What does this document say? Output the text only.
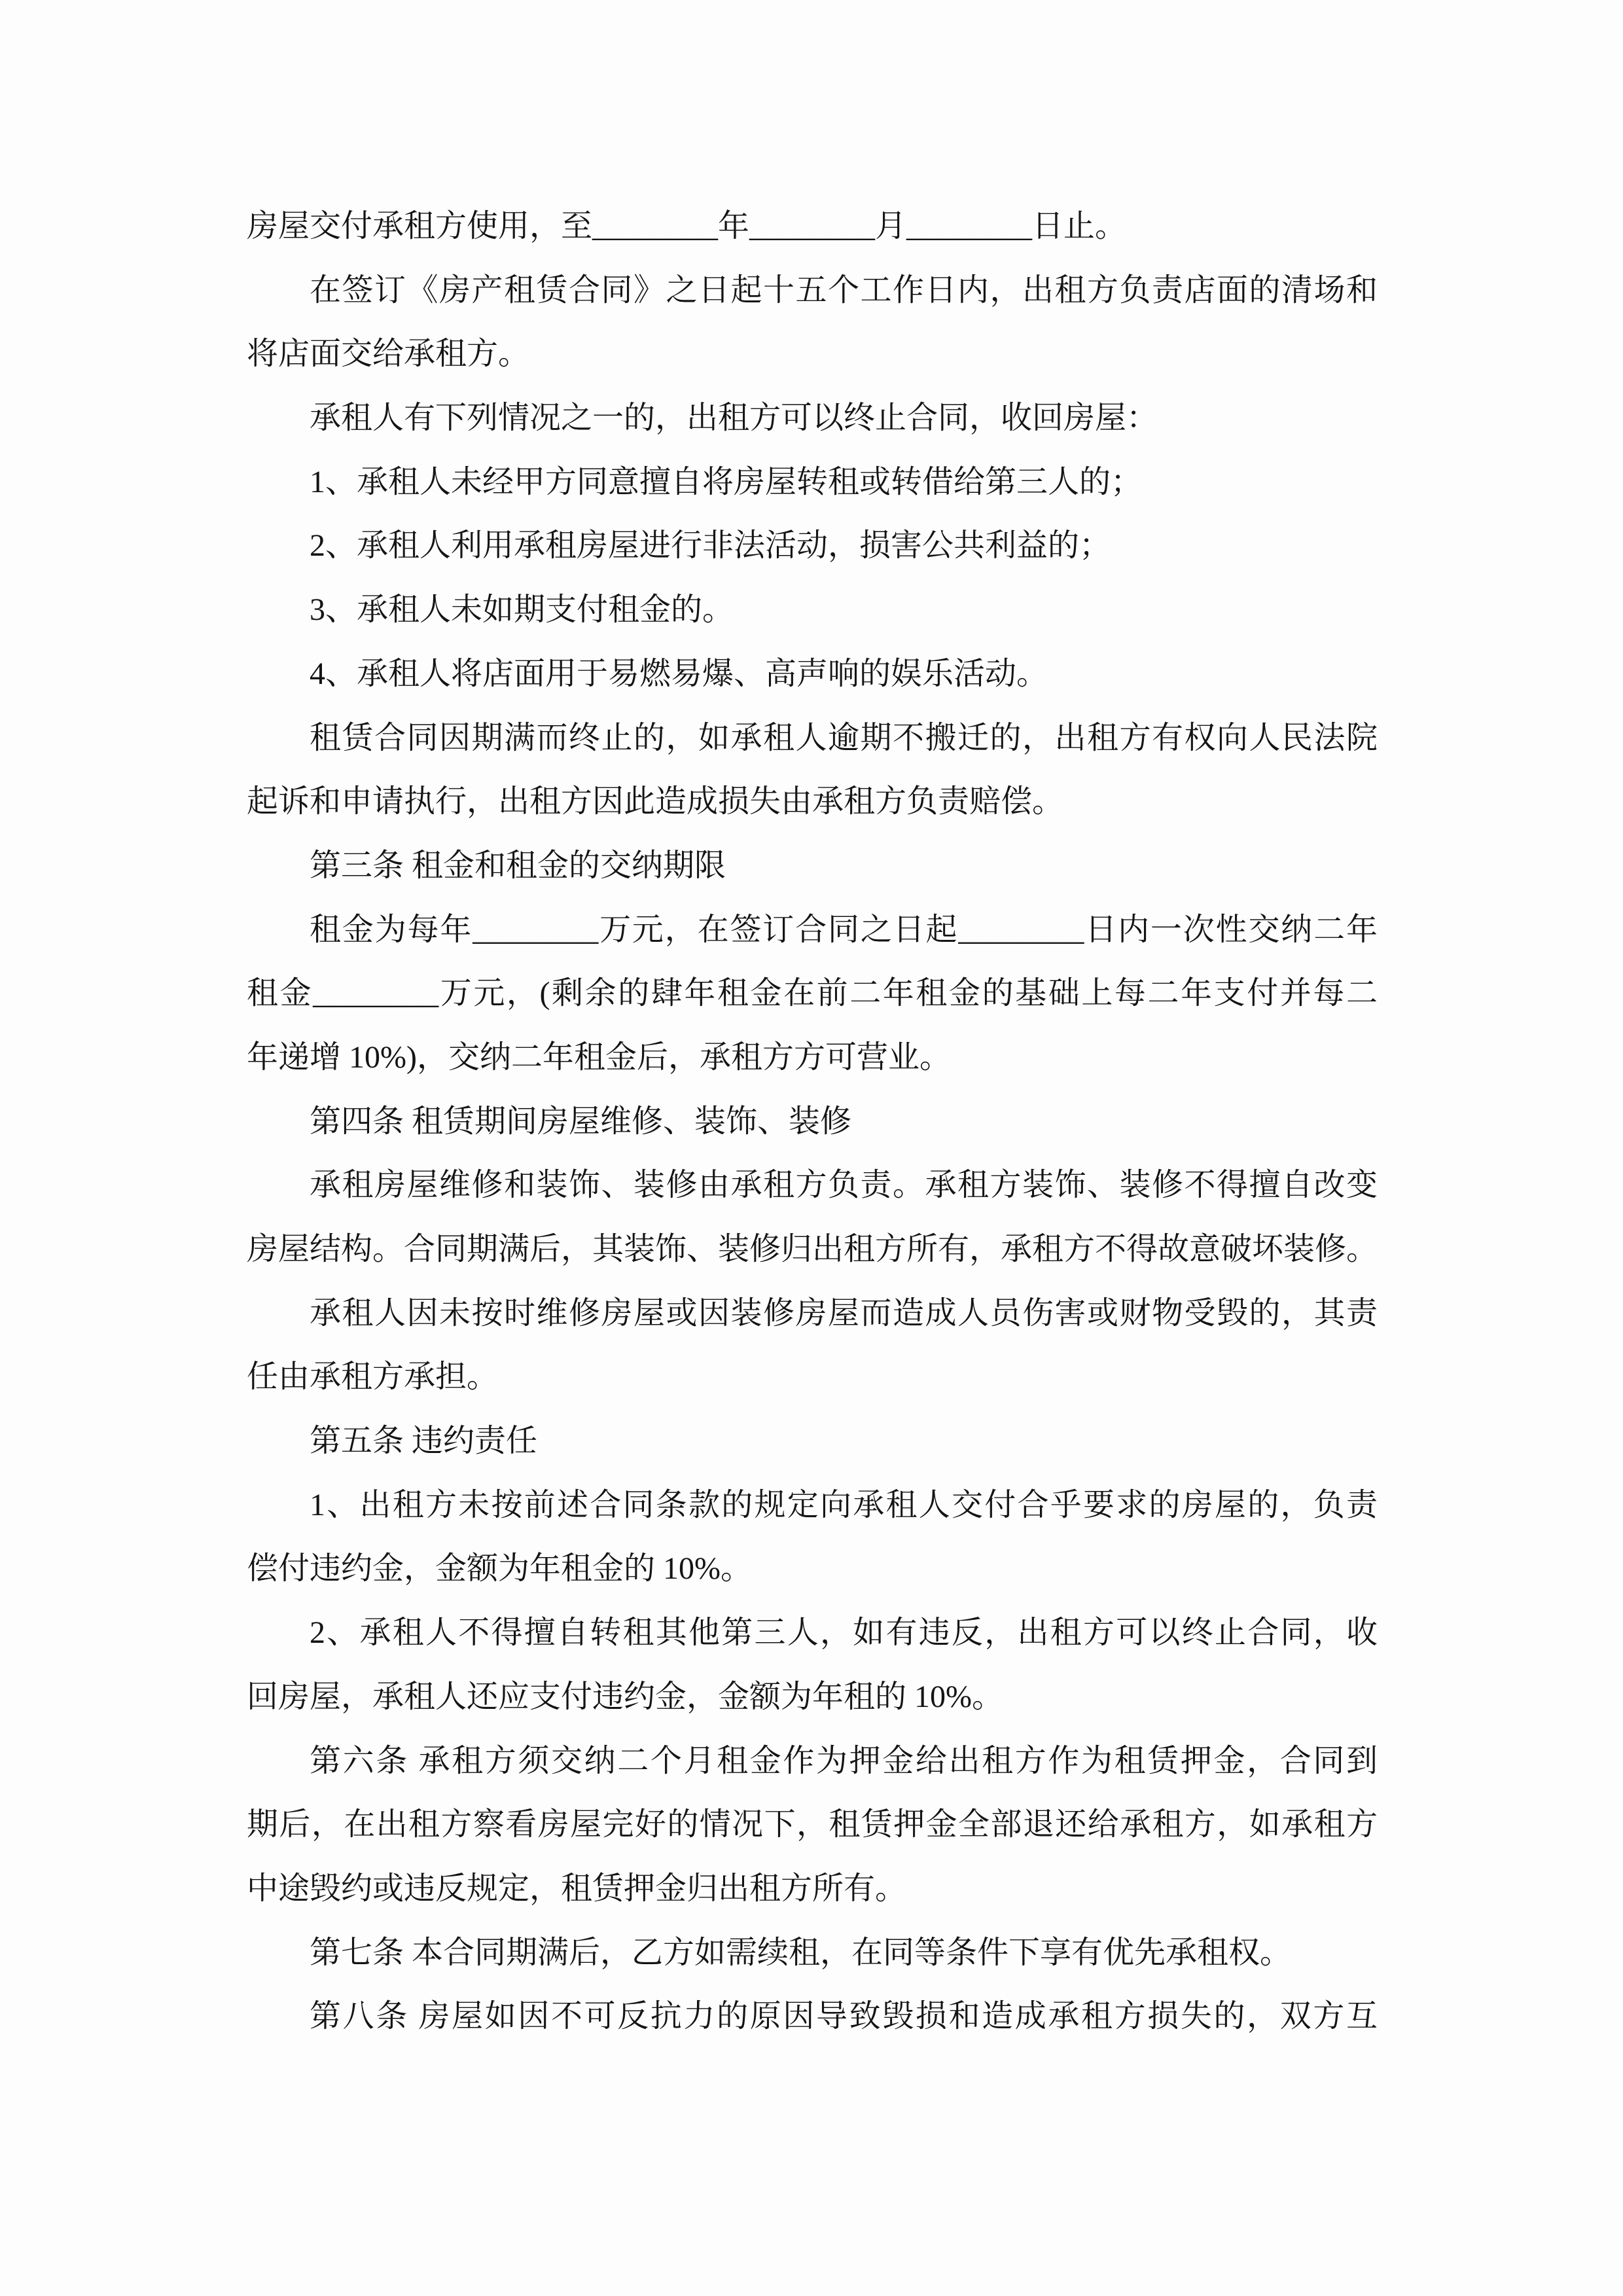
房屋交付承租方使用，至________年________月________日止。
在签订《房产租赁合同》之日起十五个工作日内，出租方负责店面的清场和
将店面交给承租方。
承租人有下列情况之一的，出租方可以终止合同，收回房屋：
1、承租人未经甲方同意擅自将房屋转租或转借给第三人的；
2、承租人利用承租房屋进行非法活动，损害公共利益的；
3、承租人未如期支付租金的。
4、承租人将店面用于易燃易爆、高声响的娱乐活动。
租赁合同因期满而终止的，如承租人逾期不搬迁的，出租方有权向人民法院
起诉和申请执行，出租方因此造成损失由承租方负责赔偿。
第三条 租金和租金的交纳期限
租金为每年________万元，在签订合同之日起________日内一次性交纳二年
租金________万元，(剩余的肆年租金在前二年租金的基础上每二年支付并每二
年递增 10%)，交纳二年租金后，承租方方可营业。
第四条 租赁期间房屋维修、装饰、装修
承租房屋维修和装饰、装修由承租方负责。承租方装饰、装修不得擅自改变
房屋结构。合同期满后，其装饰、装修归出租方所有，承租方不得故意破坏装修。
承租人因未按时维修房屋或因装修房屋而造成人员伤害或财物受毁的，其责
任由承租方承担。
第五条 违约责任
1、出租方未按前述合同条款的规定向承租人交付合乎要求的房屋的，负责
偿付违约金，金额为年租金的 10%。
2、承租人不得擅自转租其他第三人，如有违反，出租方可以终止合同，收
回房屋，承租人还应支付违约金，金额为年租的 10%。
第六条 承租方须交纳二个月租金作为押金给出租方作为租赁押金，合同到
期后，在出租方察看房屋完好的情况下，租赁押金全部退还给承租方，如承租方
中途毁约或违反规定，租赁押金归出租方所有。
第七条 本合同期满后，乙方如需续租，在同等条件下享有优先承租权。
第八条 房屋如因不可反抗力的原因导致毁损和造成承租方损失的，双方互
